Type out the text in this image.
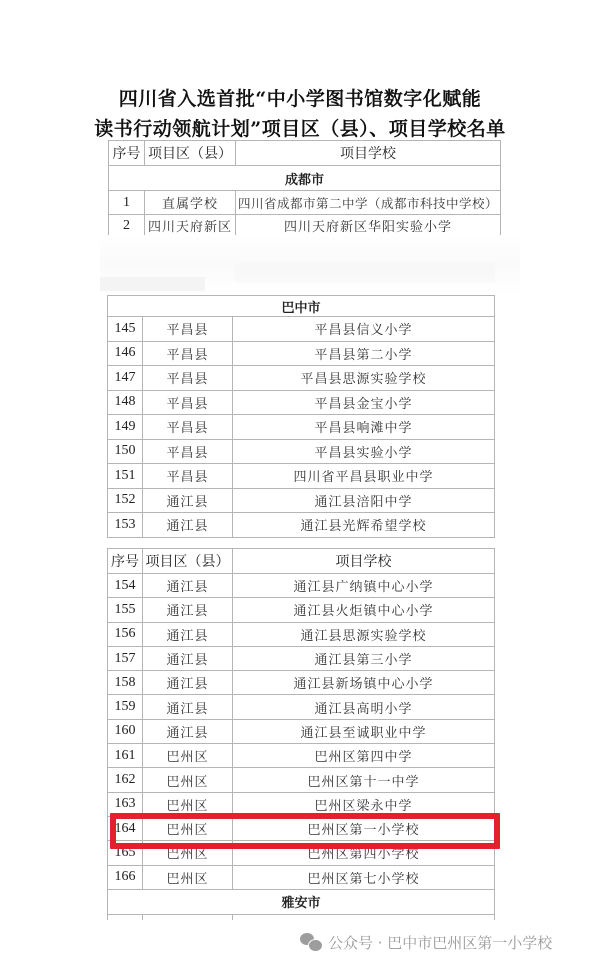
四川省入选首批“中小学图书馆数字化赋能
读书行动领航计划”项目区（县）、项目学校名单
序号	项目区（县）	项目学校
成都市		
1	直属学校	四川省成都市第二中学（成都市科技中学校）
2	四川天府新区	四川天府新区华阳实验小学
巴中市		
145	平昌县	平昌县信义小学
146	平昌县	平昌县第二小学
147	平昌县	平昌县思源实验学校
148	平昌县	平昌县金宝小学
149	平昌县	平昌县响滩中学
150	平昌县	平昌县实验小学
151	平昌县	四川省平昌县职业中学
152	通江县	通江县涪阳中学
153	通江县	通江县光辉希望学校
序号	项目区（县）	项目学校
154	通江县	通江县广纳镇中心小学
155	通江县	通江县火炬镇中心小学
156	通江县	通江县思源实验学校
157	通江县	通江县第三小学
158	通江县	通江县新场镇中心小学
159	通江县	通江县高明小学
160	通江县	通江县至诚职业中学
161	巴州区	巴州区第四中学
162	巴州区	巴州区第十一中学
163	巴州区	巴州区梁永中学
164	巴州区	巴州区第一小学校
165	巴州区	巴州区第四小学校
166	巴州区	巴州区第七小学校
雅安市		

公众号 · 巴中市巴州区第一小学校
